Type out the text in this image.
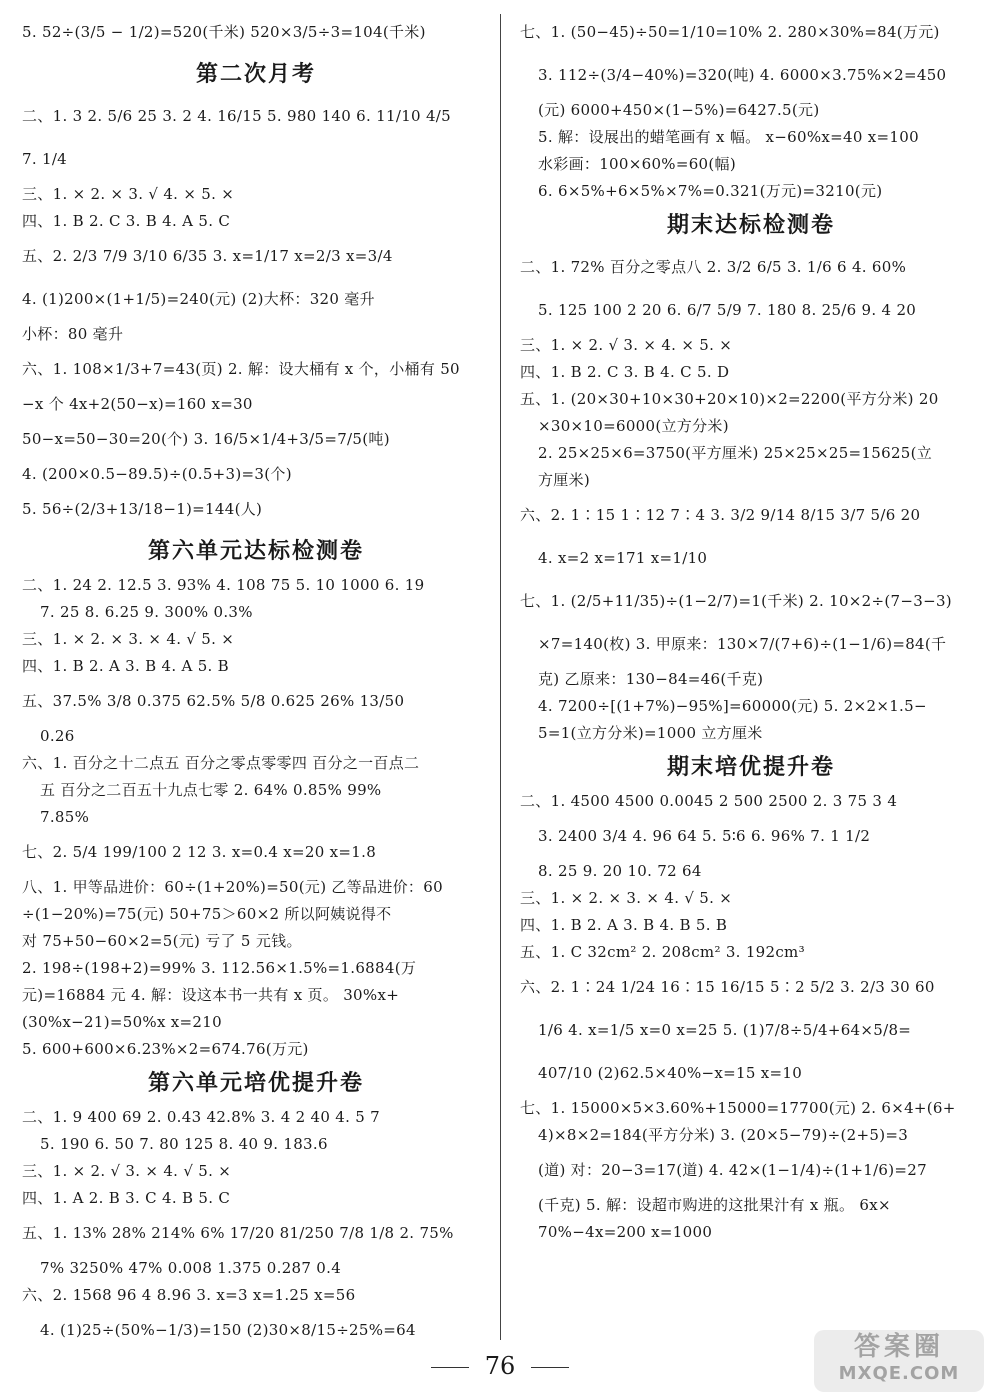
5. 52÷(3/5 − 1/2)=520(千米) 520×3/5÷3=104(千米)
第二次月考
二、1. 3 2. 5/6 25 3. 2 4. 16/15 5. 980 140 6. 11/10 4/5
7. 1/4
三、1. × 2. × 3. √ 4. × 5. ×
四、1. B 2. C 3. B 4. A 5. C
五、2. 2/3 7/9 3/10 6/35 3. x=1/17 x=2/3 x=3/4
4. (1)200×(1+1/5)=240(元) (2)大杯：320 毫升
小杯：80 毫升
六、1. 108×1/3+7=43(页) 2. 解：设大桶有 x 个，小桶有 50
−x 个 4x+2(50−x)=160 x=30
50−x=50−30=20(个) 3. 16/5×1/4+3/5=7/5(吨)
4. (200×0.5−89.5)÷(0.5+3)=3(个)
5. 56÷(2/3+13/18−1)=144(人)
第六单元达标检测卷
二、1. 24 2. 12.5 3. 93% 4. 108 75 5. 10 1000 6. 19
7. 25 8. 6.25 9. 300% 0.3%
三、1. × 2. × 3. × 4. √ 5. ×
四、1. B 2. A 3. B 4. A 5. B
五、37.5% 3/8 0.375 62.5% 5/8 0.625 26% 13/50
0.26
六、1. 百分之十二点五 百分之零点零零四 百分之一百点二
五 百分之二百五十九点七零 2. 64% 0.85% 99%
7.85%
七、2. 5/4 199/100 2 12 3. x=0.4 x=20 x=1.8
八、1. 甲等品进价：60÷(1+20%)=50(元) 乙等品进价：60
÷(1−20%)=75(元) 50+75＞60×2 所以阿姨说得不
对 75+50−60×2=5(元) 亏了 5 元钱。
2. 198÷(198+2)=99% 3. 112.56×1.5%=1.6884(万
元)=16884 元 4. 解：设这本书一共有 x 页。 30%x+
(30%x−21)=50%x x=210
5. 600+600×6.23%×2=674.76(万元)
第六单元培优提升卷
二、1. 9 400 69 2. 0.43 42.8% 3. 4 2 40 4. 5 7
5. 190 6. 50 7. 80 125 8. 40 9. 183.6
三、1. × 2. √ 3. × 4. √ 5. ×
四、1. A 2. B 3. C 4. B 5. C
五、1. 13% 28% 214% 6% 17/20 81/250 7/8 1/8 2. 75%
7% 3250% 47% 0.008 1.375 0.287 0.4
六、2. 1568 96 4 8.96 3. x=3 x=1.25 x=56
4. (1)25÷(50%−1/3)=150 (2)30×8/15÷25%=64
七、1. (50−45)÷50=1/10=10% 2. 280×30%=84(万元)
3. 112÷(3/4−40%)=320(吨) 4. 6000×3.75%×2=450
(元) 6000+450×(1−5%)=6427.5(元)
5. 解：设展出的蜡笔画有 x 幅。 x−60%x=40 x=100
水彩画：100×60%=60(幅)
6. 6×5%+6×5%×7%=0.321(万元)=3210(元)
期末达标检测卷
二、1. 72% 百分之零点八 2. 3/2 6/5 3. 1/6 6 4. 60%
5. 125 100 2 20 6. 6/7 5/9 7. 180 8. 25/6 9. 4 20
三、1. × 2. √ 3. × 4. × 5. ×
四、1. B 2. C 3. B 4. C 5. D
五、1. (20×30+10×30+20×10)×2=2200(平方分米) 20
×30×10=6000(立方分米)
2. 25×25×6=3750(平方厘米) 25×25×25=15625(立
方厘米)
六、2. 1∶15 1∶12 7∶4 3. 3/2 9/14 8/15 3/7 5/6 20
4. x=2 x=171 x=1/10
七、1. (2/5+11/35)÷(1−2/7)=1(千米) 2. 10×2÷(7−3−3)
×7=140(枚) 3. 甲原来：130×7/(7+6)÷(1−1/6)=84(千
克) 乙原来：130−84=46(千克)
4. 7200÷[(1+7%)−95%]=60000(元) 5. 2×2×1.5−
5=1(立方分米)=1000 立方厘米
期末培优提升卷
二、1. 4500 4500 0.0045 2 500 2500 2. 3 75 3 4
3. 2400 3/4 4. 96 64 5. 5∶6 6. 96% 7. 1 1/2
8. 25 9. 20 10. 72 64
三、1. × 2. × 3. × 4. √ 5. ×
四、1. B 2. A 3. B 4. B 5. B
五、1. C 32cm² 2. 208cm² 3. 192cm³
六、2. 1∶24 1/24 16∶15 16/15 5∶2 5/2 3. 2/3 30 60
1/6 4. x=1/5 x=0 x=25 5. (1)7/8÷5/4+64×5/8=
407/10 (2)62.5×40%−x=15 x=10
七、1. 15000×5×3.60%+15000=17700(元) 2. 6×4+(6+
4)×8×2=184(平方分米) 3. (20×5−79)÷(2+5)=3
(道) 对：20−3=17(道) 4. 42×(1−1/4)÷(1+1/6)=27
(千克) 5. 解：设超市购进的这批果汁有 x 瓶。 6x×
70%−4x=200 x=1000
76
答案圈
MXQE.COM
